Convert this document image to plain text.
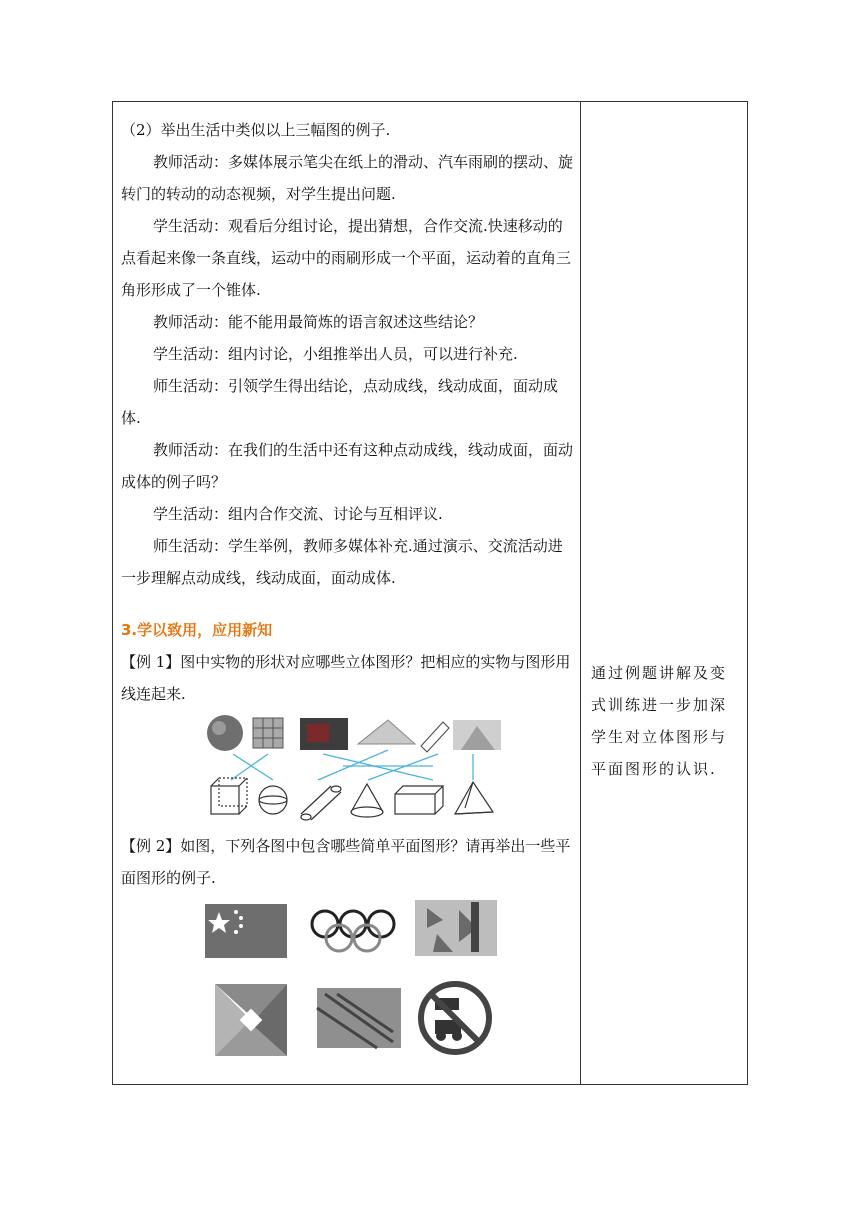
（2）举出生活中类似以上三幅图的例子.

教师活动：多媒体展示笔尖在纸上的滑动、汽车雨刷的摆动、旋转门的转动的动态视频，对学生提出问题.

学生活动：观看后分组讨论，提出猜想，合作交流.快速移动的点看起来像一条直线，运动中的雨刷形成一个平面，运动着的直角三角形形成了一个锥体.

教师活动：能不能用最简炼的语言叙述这些结论？

学生活动：组内讨论，小组推举出人员，可以进行补充.

师生活动：引领学生得出结论，点动成线，线动成面，面动成体.

教师活动：在我们的生活中还有这种点动成线，线动成面，面动成体的例子吗？

学生活动：组内合作交流、讨论与互相评议.

师生活动：学生举例，教师多媒体补充.通过演示、交流活动进一步理解点动成线，线动成面，面动成体.

3.学以致用，应用新知

【例 1】图中实物的形状对应哪些立体图形？把相应的实物与图形用线连起来.

【例 2】如图，下列各图中包含哪些简单平面图形？请再举出一些平面图形的例子.

通过例题讲解及变式训练进一步加深学生对立体图形与平面图形的认识.
